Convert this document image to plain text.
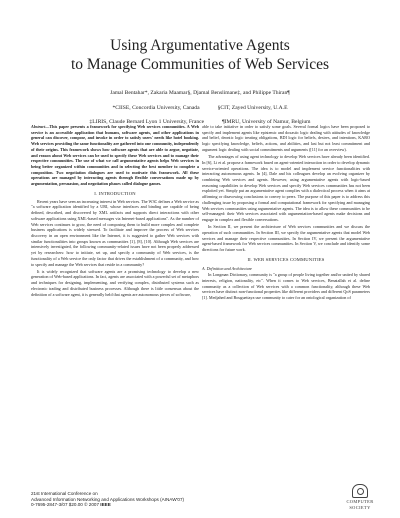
Using Argumentative Agents
to Manage Communities of Web Services

Jamal Bentahar*, Zakaria Maamar§, Djamal Benslimane‡, and Philippe Thiran¶

*CIISE, Concordia University, Canada	§CIT, Zayed University, U.A.E

‡LIRIS, Claude Bernard Lyon 1 University, France	¶IMRU, University of Namur, Belgium

Abstract—This paper presents a framework for specifying Web services communities. A Web service is an accessible application that humans, software agents, and other applications in general can discover, compose, and invoke in order to satisfy users' needs like hotel booking. Web services providing the same functionality are gathered into one community, independently of their origins. This framework shows how software agents that are able to argue, negotiate, and reason about Web services can be used to specify these Web services and to manage their respective communities. The use of what we call argumentative agents helps Web services in being better organized within communities and in selecting the best member to complete a composition. Two negotiation dialogues are used to motivate this framework. All these operations are managed by interacting agents through flexible conversations made up by argumentation, persuasion, and negotiation phases called dialogue games.
I. INTRODUCTION

Recent years have seen an increasing interest in Web services. The W3C defines a Web service as "a software application identified by a URI, whose interfaces and binding are capable of being defined, described, and discovered by XML artifacts and supports direct interactions with other software applications using XML-based messages via Internet-based applications". As the number of Web services continues to grow, the need of composing them to build more complex and complete business applications is widely stressed. To facilitate and improve the process of Web services discovery in an open environment like the Internet, it is suggested to gather Web services with similar functionalities into groups known as communities [1], [8], [10]. Although Web services are intensively investigated, the following community-related issues have not been properly addressed yet by researchers: how to initiate, set up, and specify a community of Web services, is the functionality of a Web service the only factor that drives the establishment of a community, and how to specify and manage the Web services that reside in a community?

It is widely recognized that software agents are a promising technology to develop a new generation of Web-based applications. In fact, agents are associated with a powerful set of metaphors and techniques for designing, implementing, and verifying complex, distributed systems such as electronic trading and distributed business processes. Although there is little consensus about the definition of a software agent, it is generally held that agents are autonomous pieces of software,

able to take initiative in order to satisfy some goals. Several formal logics have been proposed to specify and implement agents like epistemic and doxastic logic dealing with attitudes of knowledge and belief, deontic logic treating obligations, BDI logic for beliefs, desires, and intentions, KARO logic specifying knowledge, beliefs, actions, and abilities, and last but not least commitment and argument logic dealing with social commitments and arguments ([11] for an overview).

The advantages of using agent technology to develop Web services have already been identified. In [6], Li et al. propose a framework based on agent-oriented interaction in order to develop dynamic service-oriented operations. The idea is to model and implement service functionalities with interacting autonomous agents. In [4], Dale and his colleagues develop an evolving organizer by combining Web services and agents. However, using argumentative agents with logic-based reasoning capabilities to develop Web services and specify Web services communities has not been exploited yet. Simply put an argumentative agent complies with a dialectical process when it aims at affirming or disavowing conclusions to convey to peers. The purpose of this paper is to address this challenging issue by proposing a formal and computational framework for specifying and managing Web services communities using argumentative agents. The idea is to allow these communities to be self-managed: their Web services associated with argumentation-based agents make decisions and engage in complex and flexible conversations.

In Section II, we present the architecture of Web services communities and we discuss the operation of such communities. In Section III, we specify the argumentative agents that model Web services and manage their respective communities. In Section IV, we present the argumentative agent-based framework for Web services communities. In Section V, we conclude and identify some directions for future work.

II. WEB SERVICES COMMUNITIES
A. Definition and Architecture

In Longman Dictionary, community is "a group of people living together and/or united by shared interests, religion, nationality, etc". When it comes to Web services, Benatallah et al. define community as a collection of Web services with a common functionality, although these Web services have distinct non-functional properties like different providers and different QoS parameters [1]. Medjahed and Bouguettaya use community to cater for an ontological organization of

21st International Conference on
Advanced Information Networking and Applications Workshops (AINAW'07)
0-7695-2847-3/07 $20.00 © 2007 IEEE
COMPUTER
SOCIETY
